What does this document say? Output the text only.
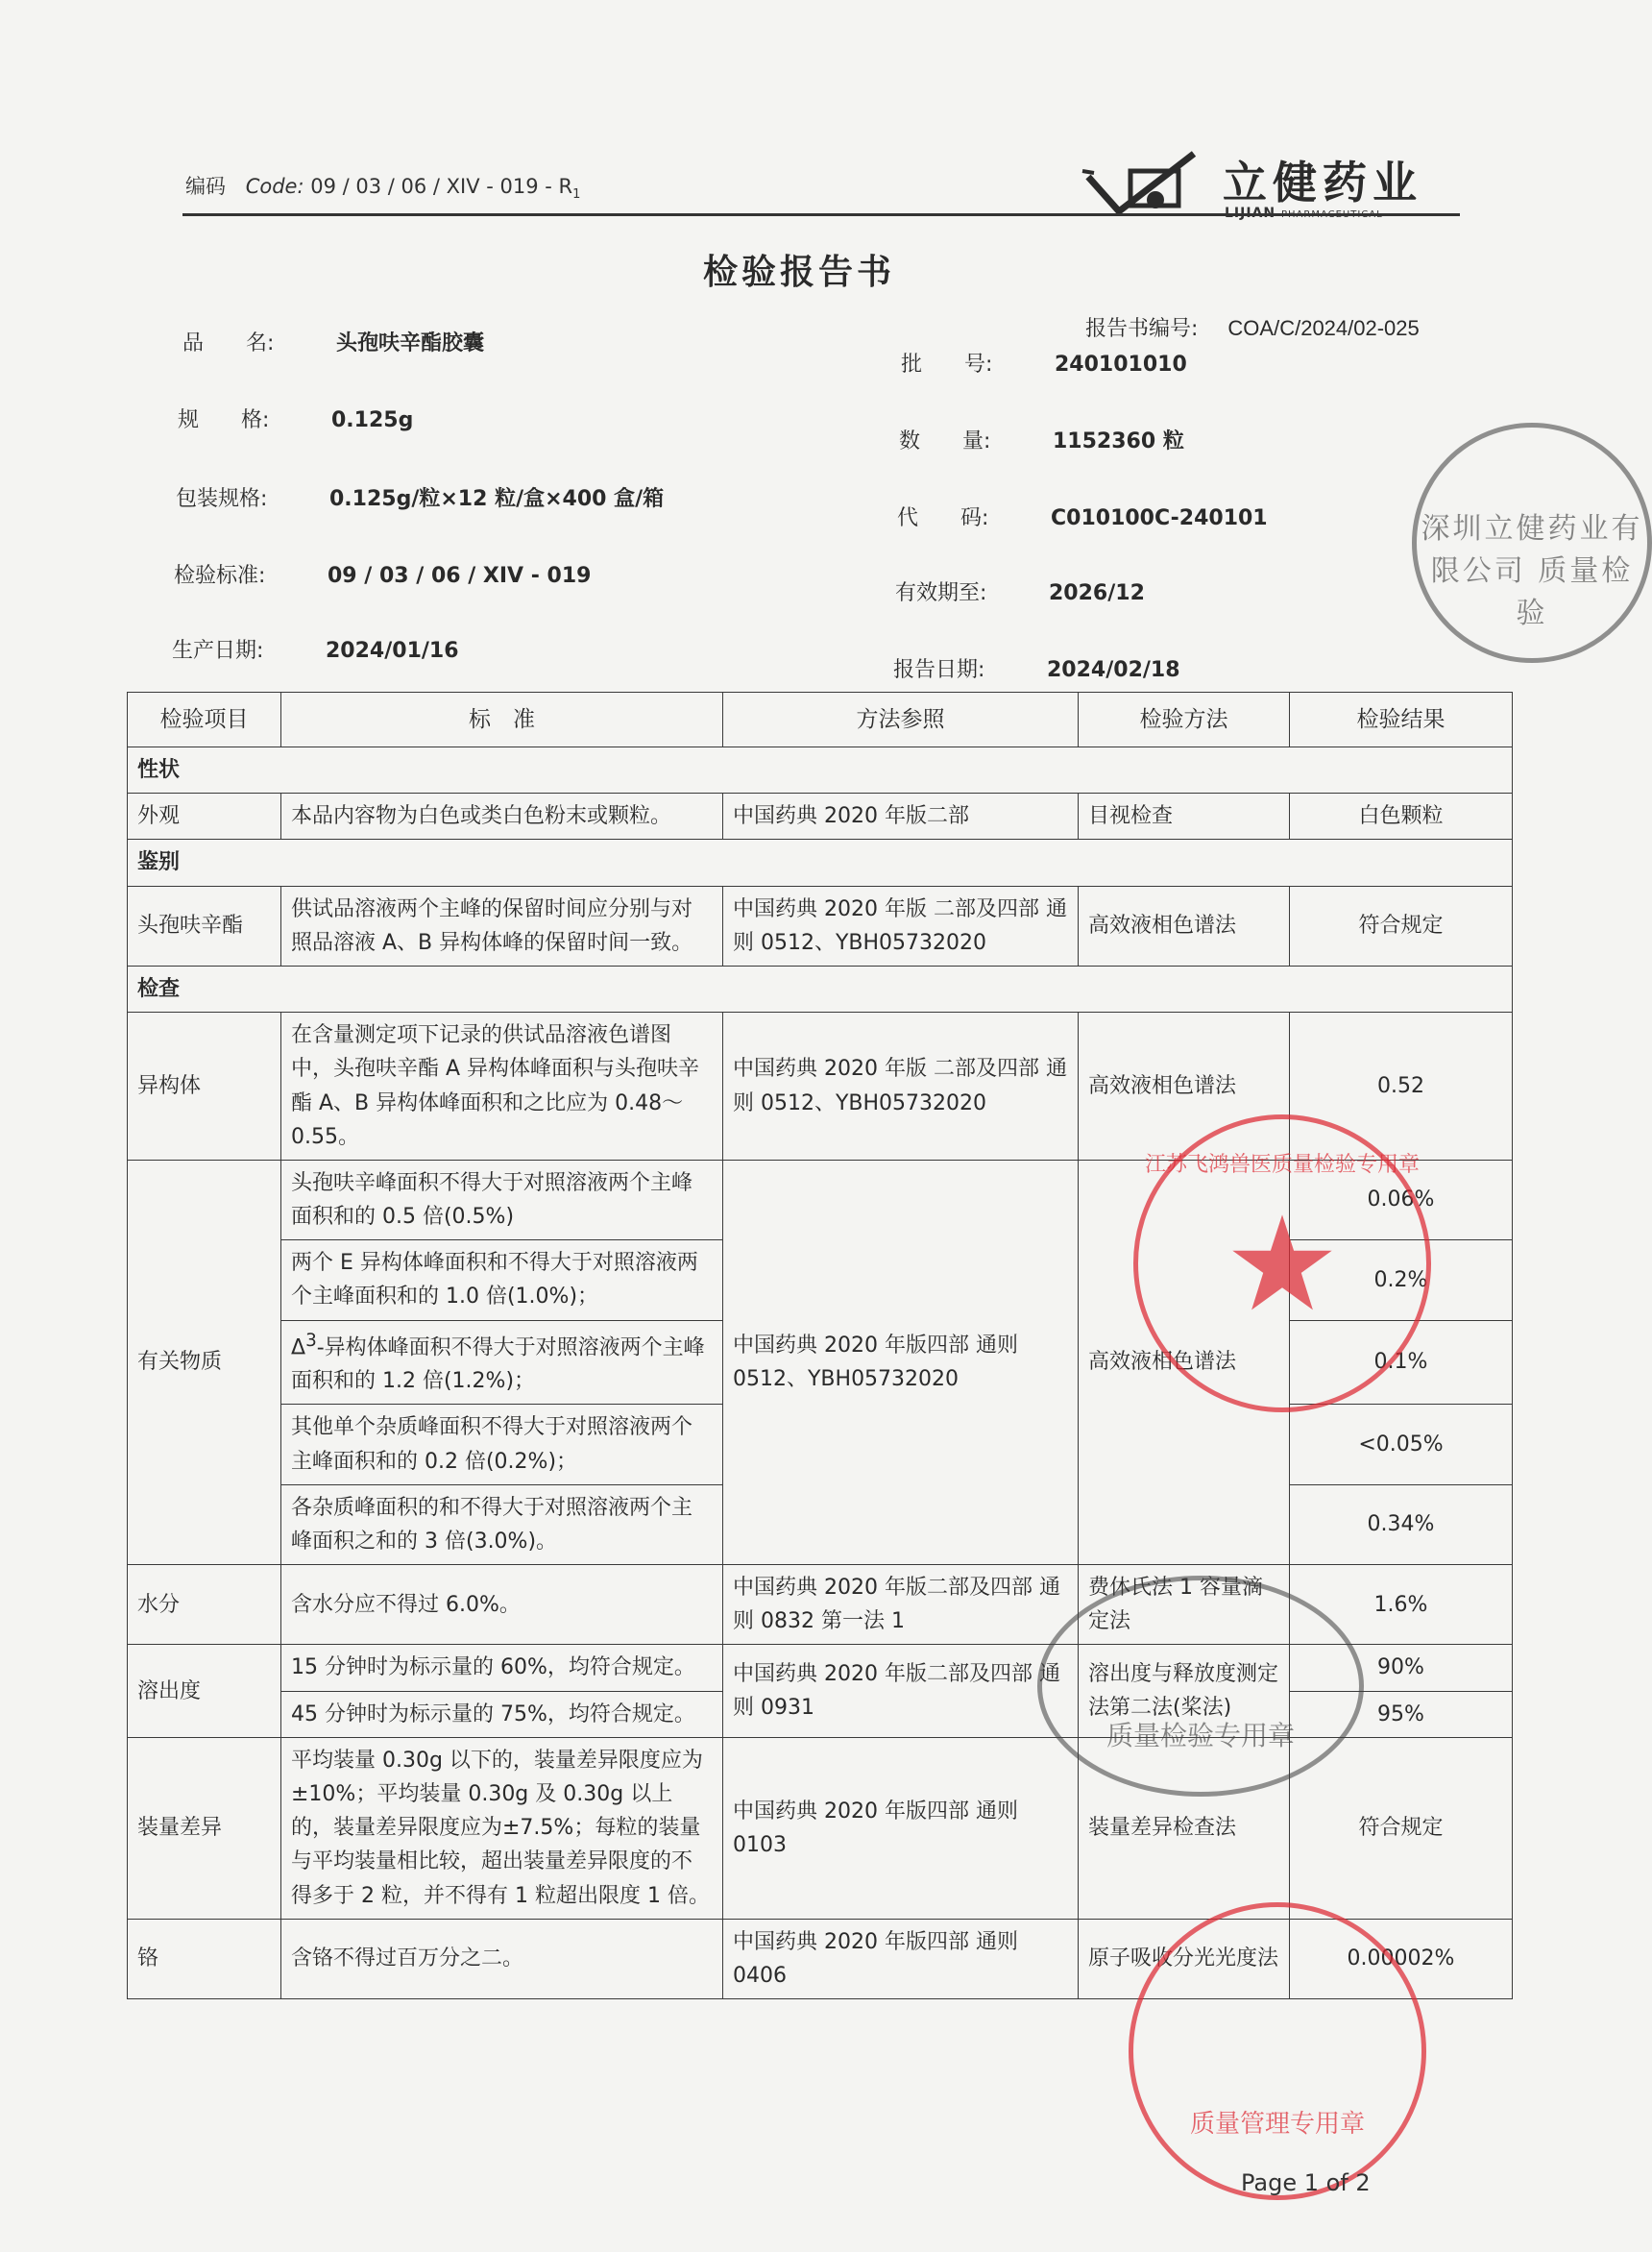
编码 Code: 09 / 03 / 06 / XIV - $019 - R_1$	立健药业
LIJIAN PHARMACEUTICAL
检验报告书
报告书编号: COA/C/2024/02-025
品　　名:	头孢呋辛酯胶囊
规　　格:	0.125g
包装规格:	0.125g/粒×12 粒/盒×400 盒/箱
检验标准:	09 / 03 / 06 / XIV - 019
生产日期:	2024/01/16
批　　号:	240101010
数　　量:	1152360 粒
代　　码:	C010100C-240101
有效期至:	2026/12
报告日期:	2024/02/18
检验项目	标　准	方法参照	检验方法	检验结果
性状				
外观	本品内容物为白色或类白色粉末或颗粒。	中国药典 2020 年版二部	目视检查	白色颗粒
鉴别				
头孢呋辛酯	供试品溶液两个主峰的保留时间应分别与对照品溶液 A、B 异构体峰的保留时间一致。	中国药典 2020 年版 二部及四部 通则 0512、YBH05732020	高效液相色谱法	符合规定
检查				
异构体	在含量测定项下记录的供试品溶液色谱图中，头孢呋辛酯 A 异构体峰面积与头孢呋辛酯 A、B 异构体峰面积和之比应为 0.48～0.55。	中国药典 2020 年版 二部及四部 通则 0512、YBH05732020	高效液相色谱法	0.52
有关物质	头孢呋辛峰面积不得大于对照溶液两个主峰面积和的 0.5 倍(0.5%)	中国药典 2020 年版四部 通则 0512、YBH05732020	高效液相色谱法	0.06%
	两个 E 异构体峰面积和不得大于对照溶液两个主峰面积和的 1.0 倍(1.0%)；			0.2%
	$\Delta^3-$异构体峰面积不得大于对照溶液两个主峰面积和的 1.2 倍(1.2%)；			0.1%
	其他单个杂质峰面积不得大于对照溶液两个主峰面积和的 0.2 倍(0.2%)；			<0.05%
	各杂质峰面积的和不得大于对照溶液两个主峰面积之和的 3 倍(3.0%)。			0.34%
水分	含水分应不得过 6.0%。	中国药典 2020 年版二部及四部 通则 0832 第一法 1	费休氏法 1 容量滴定法	1.6%
溶出度	15 分钟时为标示量的 60%，均符合规定。	中国药典 2020 年版二部及四部 通则 0931	溶出度与释放度测定法第二法(桨法)	90%
	45 分钟时为标示量的 75%，均符合规定。			95%
装量差异	平均装量 0.30g 以下的，装量差异限度应为±10%；平均装量 0.30g 及 0.30g 以上的，装量差异限度应为±7.5%；每粒的装量与平均装量相比较，超出装量差异限度的不得多于 2 粒，并不得有 1 粒超出限度 1 倍。	中国药典 2020 年版四部 通则 0103	装量差异检查法	符合规定
铬	含铬不得过百万分之二。	中国药典 2020 年版四部 通则 0406	原子吸收分光光度法	0.00002%
深圳立健药业有限公司 质量检验
江苏飞鸿兽医质量检验专用章
质量检验专用章
质量管理专用章
Page 1 of 2
